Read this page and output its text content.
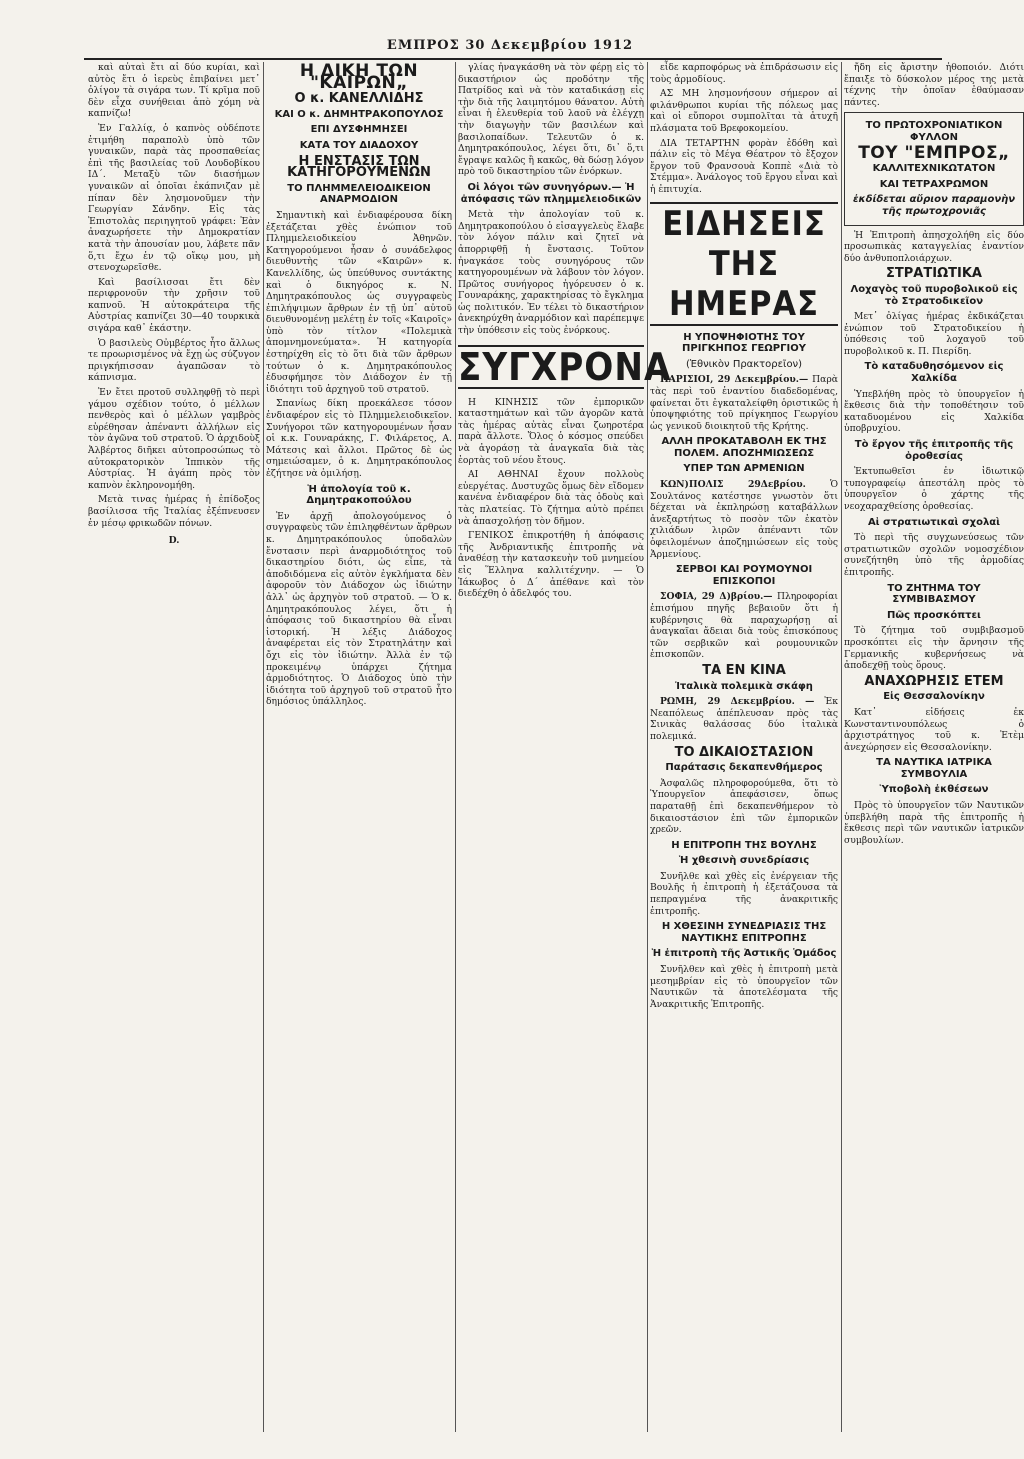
ΕΜΠΡΟΣ 30 Δεκεμβρίου 1912

καὶ αὐταὶ ἔτι αἱ δύο κυρίαι, καὶ αὐτὸς ἔτι ὁ ἱερεὺς ἐπιβαίνει μετ᾽ ὀλίγον τὰ σιγάρα των. Τί κρῖμα ποῦ δὲν εἶχα συνήθειαι ἀπὸ χόμη νὰ καπνίζω!

Ἐν Γαλλίᾳ, ὁ καπνὸς οὐδέποτε ἐτιμήθη παραπολὺ ὑπὸ τῶν γυναικῶν, παρὰ τὰς προσπαθείας ἐπὶ τῆς βασιλείας τοῦ Λουδοβίκου ΙΔ΄. Μεταξὺ τῶν διασήμων γυναικῶν αἱ ὁποῖαι ἐκάπνιζαν μὲ πίπαν δὲν λησμονοῦμεν τὴν Γεωργίαν Σάνδην. Εἰς τὰς Ἐπιστολὰς περιηγητοῦ γράφει: Ἐὰν ἀναχωρήσετε τὴν Δημοκρατίαν κατὰ τὴν ἀπουσίαν μου, λάβετε πᾶν ὅ,τι ἔχω ἐν τῷ οἴκῳ μου, μὴ στενοχωρεῖσθε.

Καὶ βασίλισσαι ἔτι δὲν περιφρονοῦν τὴν χρῆσιν τοῦ καπνοῦ. Ἡ αὐτοκράτειρα τῆς Αὐστρίας καπνίζει 30—40 τουρκικὰ σιγάρα καθ᾽ ἑκάστην.

Ὁ βασιλεὺς Οὐμβέρτος ἦτο ἄλλως τε προωρισμένος νὰ ἔχῃ ὡς σύζυγον πριγκήπισσαν ἀγαπῶσαν τὸ κάπνισμα.

Ἐν ἔτει προτοῦ συλληφθῇ τὸ περὶ γάμου σχέδιον τούτο, ὁ μέλλων πενθερὸς καὶ ὁ μέλλων γαμβρὸς εὑρέθησαν ἀπέναντι ἀλλήλων εἰς τὸν ἀγῶνα τοῦ στρατοῦ. Ὁ ἀρχιδοὺξ Ἀλβέρτος διῆκει αὐτοπροσώπως τὸ αὐτοκρατορικὸν Ἱππικὸν τῆς Αὐστρίας. Ἡ ἀγάπη πρὸς τὸν καπνὸν ἐκληρονομήθη.

Μετὰ τινας ἡμέρας ἡ ἐπίδοξος βασίλισσα τῆς Ἰταλίας ἐξέπνευσεν ἐν μέσῳ φρικωδῶν πόνων.

D.
Η ΔΙΚΗ ΤΩΝ "ΚΑΙΡΩΝ„
Ο κ. ΚΑΝΕΛΛΙΔΗΣ
ΚΑΙ Ο κ. ΔΗΜΗΤΡΑΚΟΠΟΥΛΟΣ
ΕΠΙ ΔΥΣΦΗΜΗΣΕΙ
ΚΑΤΑ ΤΟΥ ΔΙΑΔΟΧΟΥ
Η ΕΝΣΤΑΣΙΣ ΤΩΝ ΚΑΤΗΓΟΡΟΥΜΕΝΩΝ
ΤΟ ΠΛΗΜΜΕΛΕΙΟΔΙΚΕΙΟΝ ΑΝΑΡΜΟΔΙΟΝ

Σημαντικὴ καὶ ἐνδιαφέρουσα δίκη ἐξετάζεται χθὲς ἐνώπιον τοῦ Πλημμελειοδικείου Ἀθηνῶν. Κατηγορούμενοι ἦσαν ὁ συνάδελφος διευθυντὴς τῶν «Καιρῶν» κ. Κανελλίδης, ὡς ὑπεύθυνος συντάκτης καὶ ὁ δικηγόρος κ. Ν. Δημητρακόπουλος ὡς συγγραφεὺς ἐπιλήψιμων ἄρθρων ἐν τῇ ὑπ᾽ αὐτοῦ διευθυνομένῃ μελέτῃ ἐν τοῖς «Καιροῖς» ὑπὸ τὸν τίτλον «Πολεμικὰ ἀπομνημονεύματα». Ἡ κατηγορία ἐστηρίχθη εἰς τὸ ὅτι διὰ τῶν ἄρθρων τούτων ὁ κ. Δημητρακόπουλος ἐδυσφήμησε τὸν Διάδοχον ἐν τῇ ἰδιότητι τοῦ ἀρχηγοῦ τοῦ στρατοῦ.

Σπανίως δίκη προεκάλεσε τόσον ἐνδιαφέρον εἰς τὸ Πλημμελειοδικεῖον. Συνήγοροι τῶν κατηγορουμένων ἦσαν οἱ κ.κ. Γουναράκης, Γ. Φιλάρετος, Α. Μάτεσις καὶ ἄλλοι. Πρῶτος δὲ ὡς σημειώσαμεν, ὁ κ. Δημητρακόπουλος ἐζήτησε νὰ ὁμιλήσῃ.

Ἡ ἀπολογία τοῦ κ. Δημητρακοπούλου

Ἐν ἀρχῇ ἀπολογούμενος ὁ συγγραφεὺς τῶν ἐπιληφθέντων ἄρθρων κ. Δημητρακόπουλος ὑποδαλὼν ἔνστασιν περὶ ἀναρμοδιότητος τοῦ δικαστηρίου διότι, ὡς εἶπε, τὰ ἀποδιδόμενα εἰς αὐτὸν ἐγκλήματα δὲν ἀφοροῦν τὸν Διάδοχον ὡς ἰδιώτην ἀλλ᾽ ὡς ἀρχηγὸν τοῦ στρατοῦ. — Ὁ κ. Δημητρακόπουλος λέγει, ὅτι ἡ ἀπόφασις τοῦ δικαστηρίου θὰ εἶναι ἱστορική. Ἡ λέξις Διάδοχος ἀναφέρεται εἰς τὸν Στρατηλάτην καὶ ὄχι εἰς τὸν ἰδιώτην. Ἀλλὰ ἐν τῷ προκειμένῳ ὑπάρχει ζήτημα ἀρμοδιότητος. Ὁ Διάδοχος ὑπὸ τὴν ἰδιότητα τοῦ ἀρχηγοῦ τοῦ στρατοῦ ἦτο δημόσιος ὑπάλληλος.

γλίας ἠναγκάσθη νὰ τὸν φέρῃ εἰς τὸ δικαστήριον ὡς προδότην τῆς Πατρίδος καὶ νὰ τὸν καταδικάσῃ εἰς τὴν διὰ τῆς λαιμητόμου θάνατον. Αὐτὴ εἶναι ἡ ἐλευθερία τοῦ λαοῦ νὰ ἐλέγχῃ τὴν διαγωγὴν τῶν βασιλέων καὶ βασιλοπαίδων. Τελευτῶν ὁ κ. Δημητρακόπουλος, λέγει ὅτι, δι᾽ ὅ,τι ἔγραψε καλῶς ἢ κακῶς, θὰ δώσῃ λόγον πρὸ τοῦ δικαστηρίου τῶν ἐνόρκων.

Οἱ λόγοι τῶν συνηγόρων.— Ἡ ἀπόφασις τῶν πλημμελειοδικῶν

Μετὰ τὴν ἀπολογίαν τοῦ κ. Δημητρακοπούλου ὁ εἰσαγγελεὺς ἔλαβε τὸν λόγον πάλιν καὶ ζητεῖ νὰ ἀπορριφθῇ ἡ ἔνστασις. Τοῦτον ἠναγκάσε τοὺς συνηγόρους τῶν κατηγορουμένων νὰ λάβουν τὸν λόγον. Πρῶτος συνήγορος ἠγόρευσεν ὁ κ. Γουναράκης, χαρακτηρίσας τὸ ἔγκλημα ὡς πολιτικόν. Ἐν τέλει τὸ δικαστήριον ἀνεκηρύχθη ἀναρμόδιον καὶ παρέπεμψε τὴν ὑπόθεσιν εἰς τοὺς ἐνόρκους.

ΣΥΓΧΡΟΝΑ

Η ΚΙΝΗΣΙΣ τῶν ἐμπορικῶν καταστημάτων καὶ τῶν ἀγορῶν κατὰ τὰς ἡμέρας αὐτὰς εἶναι ζωηροτέρα παρὰ ἄλλοτε. Ὅλος ὁ κόσμος σπεύδει νὰ ἀγοράσῃ τὰ ἀναγκαῖα διὰ τὰς ἑορτὰς τοῦ νέου ἔτους.

ΑΙ ΑΘΗΝΑΙ ἔχουν πολλοὺς εὐεργέτας. Δυστυχῶς ὅμως δὲν εἴδομεν κανένα ἐνδιαφέρον διὰ τὰς ὁδοὺς καὶ τὰς πλατείας. Τὸ ζήτημα αὐτὸ πρέπει νὰ ἀπασχολήσῃ τὸν δῆμον.

ΓΕΝΙΚΟΣ ἐπικροτήθη ἡ ἀπόφασις τῆς Ἀνδριαντικῆς ἐπιτροπῆς νὰ ἀναθέσῃ τὴν κατασκευὴν τοῦ μνημείου εἰς Ἕλληνα καλλιτέχνην. — Ὁ Ἰάκωβος ὁ Δ΄ ἀπέθανε καὶ τὸν διεδέχθη ὁ ἀδελφός του.

εἶδε καρποφόρως νὰ ἐπιδράσωσιν εἰς τοὺς ἁρμοδίους.

ΑΣ ΜΗ λησμονήσουν σήμερον αἱ φιλάνθρωποι κυρίαι τῆς πόλεως μας καὶ οἱ εὔποροι συμπολῖται τὰ ἀτυχῆ πλάσματα τοῦ Βρεφοκομείου.

ΔΙΑ ΤΕΤΑΡΤΗΝ φορὰν ἐδόθη καὶ πάλιν εἰς τὸ Μέγα Θέατρον τὸ ἔξοχον ἔργον τοῦ Φρανσουὰ Κοππὲ «Διὰ τὸ Στέμμα». Ἀνάλογος τοῦ ἔργου εἶναι καὶ ἡ ἐπιτυχία.

ΕΙΔΗΣΕΙΣ ΤΗΣ ΗΜΕΡΑΣ
Η ΥΠΟΨΗΦΙΟΤΗΣ ΤΟΥ ΠΡΙΓΚΗΠΟΣ ΓΕΩΡΓΙΟΥ
(Ἐθνικὸν Πρακτορεῖον)

ΠΑΡΙΣΙΟΙ, 29 Δεκεμβρίου.— Παρὰ τὰς περὶ τοῦ ἐναντίου διαδεδομένας, φαίνεται ὅτι ἐγκαταλείφθη ὁριστικῶς ἡ ὑποψηφιότης τοῦ πρίγκηπος Γεωργίου ὡς γενικοῦ διοικητοῦ τῆς Κρήτης.

ΑΛΛΗ ΠΡΟΚΑΤΑΒΟΛΗ ΕΚ ΤΗΣ ΠΟΛΕΜ. ΑΠΟΖΗΜΙΩΣΕΩΣ
ΥΠΕΡ ΤΩΝ ΑΡΜΕΝΙΩΝ

ΚΩΝ)ΠΟΛΙΣ 29Δεβρίου.	Ὁ Σουλτάνος κατέστησε γνωστὸν ὅτι δέχεται νὰ ἐκπληρώσῃ καταβάλλων ἀνεξαρτήτως τὸ ποσὸν τῶν ἑκατὸν χιλιάδων λιρῶν ἀπέναντι τῶν ὀφειλομένων ἀποζημιώσεων εἰς τοὺς Ἀρμενίους.

ΣΕΡΒΟΙ ΚΑΙ ΡΟΥΜΟΥΝΟΙ ΕΠΙΣΚΟΠΟΙ

ΣΟΦΙΑ, 29 Δ)βρίου.— Πληροφορίαι ἐπισήμου πηγῆς βεβαιοῦν ὅτι ἡ κυβέρνησις θὰ παραχωρήσῃ αἱ ἀναγκαῖαι ἄδειαι διὰ τοὺς ἐπισκόπους τῶν σερβικῶν καὶ ρουμουνικῶν ἐπισκοπῶν.

ΤΑ ΕΝ ΚΙΝΑ
Ἰταλικὰ πολεμικὰ σκάφη

ΡΩΜΗ, 29 Δεκεμβρίου. — Ἐκ Νεαπόλεως ἀπέπλευσαν πρὸς τὰς Σινικὰς θαλάσσας δύο ἰταλικὰ πολεμικά.

ΤΟ ΔΙΚΑΙΟΣΤΑΣΙΟΝ
Παράτασις δεκαπενθήμερος

Ἀσφαλῶς πληροφορούμεθα, ὅτι τὸ Ὑπουργεῖον ἀπεφάσισεν, ὅπως παραταθῇ ἐπὶ δεκαπενθήμερον τὸ δικαιοστάσιον ἐπὶ τῶν ἐμπορικῶν χρεῶν.

Η ΕΠΙΤΡΟΠΗ ΤΗΣ ΒΟΥΛΗΣ
Ἡ χθεσινὴ συνεδρίασις

Συνῆλθε καὶ χθὲς εἰς ἐνέργειαν τῆς Βουλῆς ἡ ἐπιτροπὴ ἡ ἐξετάζουσα τὰ πεπραγμένα τῆς ἀνακριτικῆς ἐπιτροπῆς.

Η ΧΘΕΣΙΝΗ ΣΥΝΕΔΡΙΑΣΙΣ ΤΗΣ ΝΑΥΤΙΚΗΣ ΕΠΙΤΡΟΠΗΣ
Ἡ ἐπιτροπὴ τῆς Ἀστικῆς Ὁμάδος

Συνῆλθεν καὶ χθὲς ἡ ἐπιτροπὴ μετὰ μεσημβρίαν εἰς τὸ ὑπουργεῖον τῶν Ναυτικῶν τὰ ἀποτελέσματα τῆς Ἀνακριτικῆς Ἐπιτροπῆς.

ἤδη εἰς ἄριστην ἠθοποιόν. Διότι ἔπαιξε τὸ δύσκολον μέρος της μετὰ τέχνης τὴν ὁποῖαν ἐθαύμασαν πάντες.

ΤΟ ΠΡΩΤΟΧΡΟΝΙΑΤΙΚΟΝ ΦΥΛΛΟΝ
ΤΟΥ "ΕΜΠΡΟΣ„
ΚΑΛΛΙΤΕΧΝΙΚΩΤΑΤΟΝ
ΚΑΙ ΤΕΤΡΑΧΡΩΜΟΝ
ἐκδίδεται αὔριον παραμονὴν τῆς πρωτοχρονιᾶς

Ἡ Ἐπιτροπὴ ἀπησχολήθη εἰς δύο προσωπικὰς καταγγελίας ἐναντίον δύο ἀνθυποπλοιάρχων.

ΣΤΡΑΤΙΩΤΙΚΑ
Λοχαγὸς τοῦ πυροβολικοῦ εἰς τὸ Στρατοδικεῖον

Μετ᾽ ὀλίγας ἡμέρας ἐκδικάζεται ἐνώπιον τοῦ Στρατοδικείου ἡ ὑπόθεσις τοῦ λοχαγοῦ τοῦ πυροβολικοῦ κ. Π. Πιερίδη.

Τὸ καταδυθησόμενον εἰς Χαλκίδα

Ὑπεβλήθη πρὸς τὸ ὑπουργεῖον ἡ ἔκθεσις διὰ τὴν τοποθέτησιν τοῦ καταδυομένου εἰς Χαλκίδα ὑποβρυχίου.

Τὸ ἔργον τῆς ἐπιτροπῆς τῆς ὁροθεσίας

Ἐκτυπωθεῖσι ἐν ἰδιωτικῷ τυπογραφείῳ ἀπεστάλη πρὸς τὸ ὑπουργεῖον ὁ χάρτης τῆς νεοχαραχθείσης ὁροθεσίας.

Αἱ στρατιωτικαὶ σχολαὶ

Τὸ περὶ τῆς συγχωνεύσεως τῶν στρατιωτικῶν σχολῶν νομοσχέδιον συνεζήτηθη ὑπὸ τῆς ἁρμοδίας ἐπιτροπῆς.

ΤΟ ΖΗΤΗΜΑ ΤΟΥ ΣΥΜΒΙΒΑΣΜΟΥ
Πῶς προσκόπτει

Τὸ ζήτημα τοῦ συμβιβασμοῦ προσκόπτει εἰς τὴν ἄρνησιν τῆς Γερμανικῆς κυβερνήσεως νὰ ἀποδεχθῇ τοὺς ὅρους.

ΑΝΑΧΩΡΗΣΙΣ ΕΤΕΜ
Εἰς Θεσσαλονίκην

Κατ᾽ εἰδήσεις ἐκ Κωνσταντινουπόλεως ὁ ἀρχιστράτηγος τοῦ κ. Ἐτὲμ ἀνεχώρησεν εἰς Θεσσαλονίκην.

ΤΑ ΝΑΥΤΙΚΑ ΙΑΤΡΙΚΑ ΣΥΜΒΟΥΛΙΑ
Ὑποβολὴ ἐκθέσεων

Πρὸς τὸ ὑπουργεῖον τῶν Ναυτικῶν ὑπεβλήθη παρὰ τῆς ἐπιτροπῆς ἡ ἔκθεσις περὶ τῶν ναυτικῶν ἰατρικῶν συμβουλίων.
